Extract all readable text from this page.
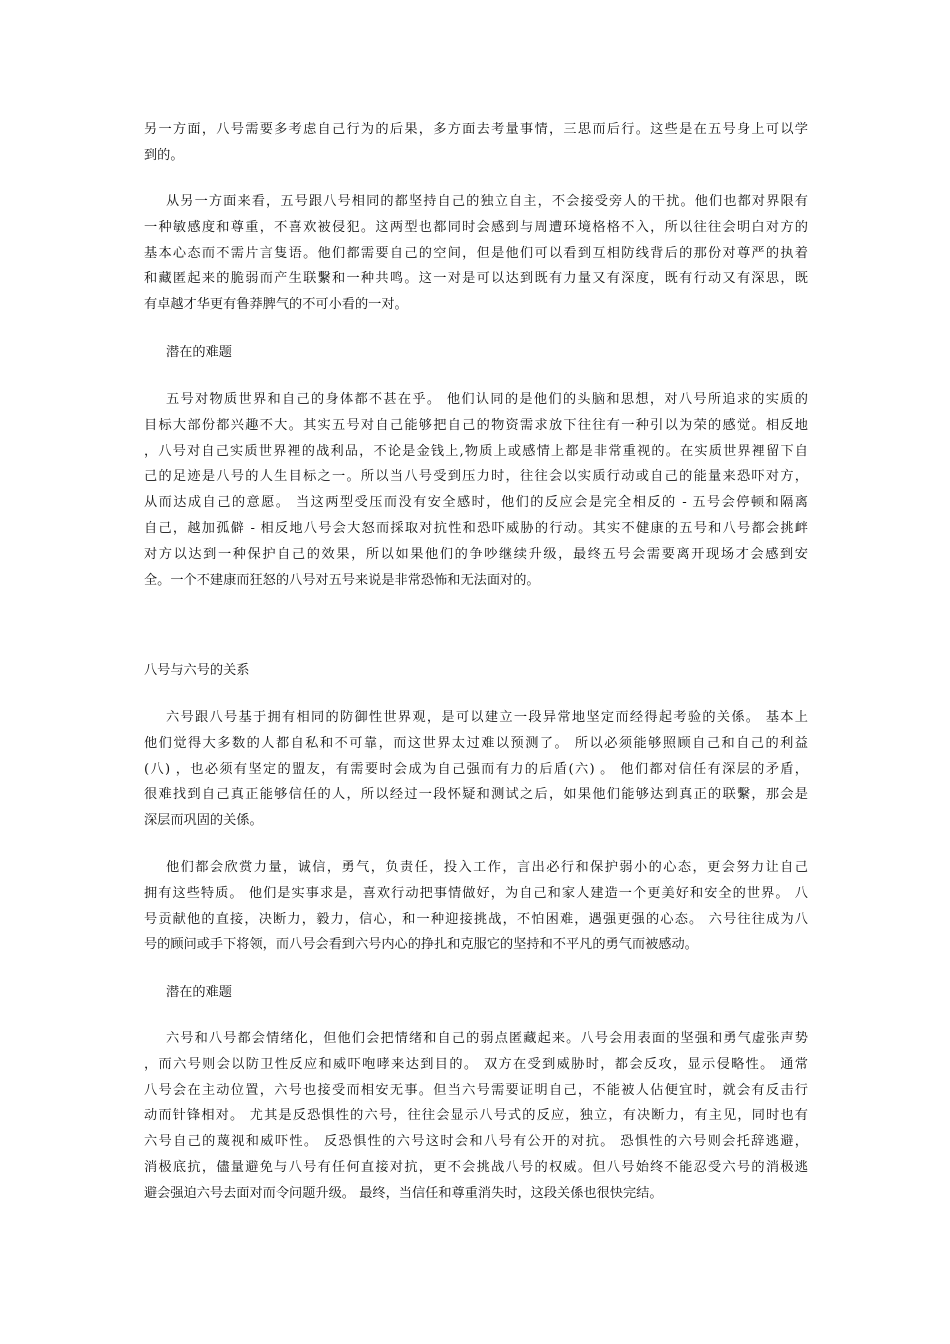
另一方面，八号需要多考虑自己行为的后果，多方面去考量事情，三思而后行。这些是在五号身上可以学
到的。
从另一方面来看，五号跟八号相同的都坚持自己的独立自主，不会接受旁人的干扰。他们也都对界限有
一种敏感度和尊重，不喜欢被侵犯。这两型也都同时会感到与周遭环境格格不入，所以往往会明白对方的
基本心态而不需片言隻语。他们都需要自己的空间，但是他们可以看到互相防线背后的那份对尊严的执着
和藏匿起来的脆弱而产生联繫和一种共鸣。这一对是可以达到既有力量又有深度，既有行动又有深思，既
有卓越才华更有鲁莽脾气的不可小看的一对。
潜在的难题
五号对物质世界和自己的身体都不甚在乎。 他们认同的是他们的头脑和思想，对八号所追求的实质的
目标大部份都兴趣不大。其实五号对自己能够把自己的物资需求放下往往有一种引以为荣的感觉。相反地
，八号对自己实质世界裡的战利品，不论是金钱上,物质上或感情上都是非常重视的。在实质世界裡留下自
己的足迹是八号的人生目标之一。所以当八号受到压力时，往往会以实质行动或自己的能量来恐吓对方，
从而达成自己的意愿。 当这两型受压而没有安全感时，他们的反应会是完全相反的 - 五号会停顿和隔离
自己，越加孤僻 - 相反地八号会大怒而採取对抗性和恐吓威胁的行动。其实不健康的五号和八号都会挑衅
对方以达到一种保护自己的效果，所以如果他们的争吵继续升级，最终五号会需要离开现场才会感到安
全。一个不建康而狂怒的八号对五号来说是非常恐怖和无法面对的。
八号与六号的关系
六号跟八号基于拥有相同的防御性世界观，是可以建立一段异常地坚定而经得起考验的关係。 基本上
他们觉得大多数的人都自私和不可靠，而这世界太过难以预测了。 所以必须能够照顾自己和自己的利益
(八) ，也必须有坚定的盟友，有需要时会成为自己强而有力的后盾(六) 。 他们都对信任有深层的矛盾，
很难找到自己真正能够信任的人，所以经过一段怀疑和测试之后，如果他们能够达到真正的联繫，那会是
深层而巩固的关係。
他们都会欣赏力量，诚信，勇气，负责任，投入工作，言出必行和保护弱小的心态，更会努力让自己
拥有这些特质。 他们是实事求是，喜欢行动把事情做好，为自己和家人建造一个更美好和安全的世界。 八
号贡献他的直接，决断力，毅力，信心，和一种迎接挑战，不怕困难，遇强更强的心态。 六号往往成为八
号的顾问或手下将领，而八号会看到六号内心的挣扎和克服它的坚持和不平凡的勇气而被感动。
潜在的难题
六号和八号都会情绪化，但他们会把情绪和自己的弱点匿藏起来。八号会用表面的坚强和勇气虚张声势
，而六号则会以防卫性反应和威吓咆哮来达到目的。 双方在受到威胁时，都会反攻，显示侵略性。 通常
八号会在主动位置，六号也接受而相安无事。但当六号需要证明自己，不能被人佔便宜时，就会有反击行
动而针锋相对。 尤其是反恐惧性的六号，往往会显示八号式的反应，独立，有决断力，有主见，同时也有
六号自己的蔑视和威吓性。 反恐惧性的六号这时会和八号有公开的对抗。 恐惧性的六号则会托辞逃避，
消极底抗，儘量避免与八号有任何直接对抗，更不会挑战八号的权威。但八号始终不能忍受六号的消极逃
避会强迫六号去面对而令问题升级。 最终，当信任和尊重消失时，这段关係也很快完结。
